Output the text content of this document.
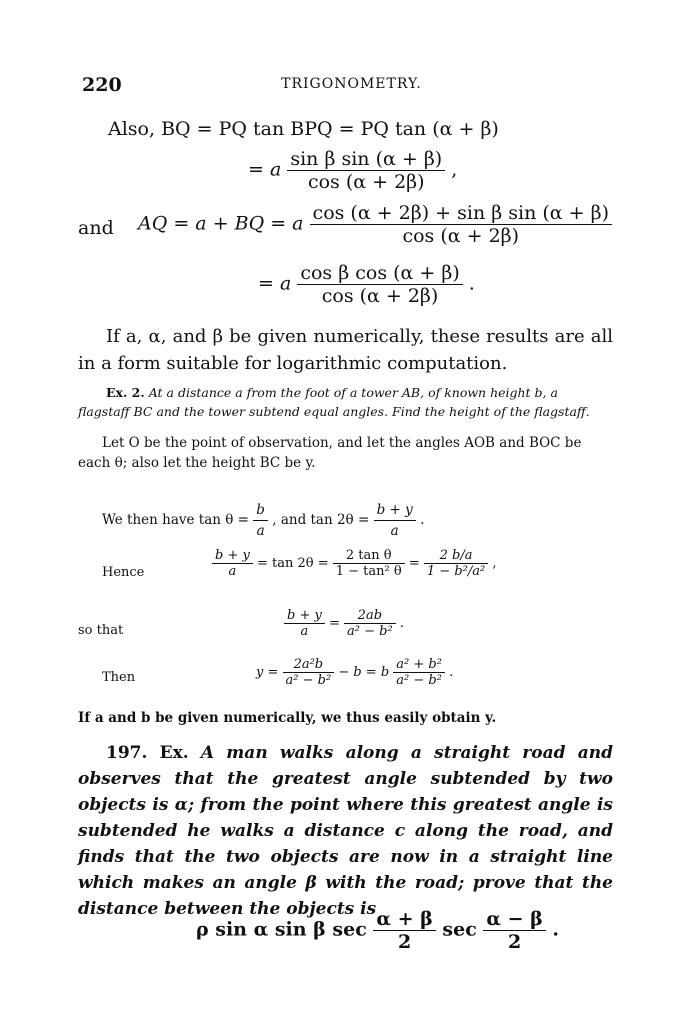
220	TRIGONOMETRY.
Also, BQ = PQ tan BPQ = PQ tan (α + β)
= a $\frac{\text{sin β sin (α + β)}}{\cos (\alpha + 2\beta)}$ ,
and AQ = a + BQ = a $\frac{\text{cos (α + 2β) + sin β sin (α + β)}}{\cos (\alpha + 2\beta)}$
= a $\frac{\text{cos β cos (α + β)}}{\cos (\alpha + 2\beta)}$ .
If a, α, and β be given numerically, these results are all in a form suitable for logarithmic computation.
Ex. 2. At a distance a from the foot of a tower AB, of known height b, a flagstaff BC and the tower subtend equal angles. Find the height of the flagstaff.
Let O be the point of observation, and let the angles AOB and BOC be each θ; also let the height BC be y.
We then have $\tan \theta = \frac{b}{a}$ , and $\tan 2\theta = \frac{b + y}{a}$ .
Hence	$\frac{b + y}{a} = \tan 2\theta = \frac{\text{2 tan θ}}{\text{1 − tan² θ}} = \frac{2 b/a}{\text{1 − b²/a²}}$ ,
so that	$\frac{b + y}{a} = \frac{2ab}{\text{a² − b²}}$ .
Then	$y = \frac{\text{2a²b}}{\text{a² − b²}} - b = b \frac{\text{a² + b²}}{\text{a² − b²}}$ .
If a and b be given numerically, we thus easily obtain y.
197. Ex. A man walks along a straight road and observes that the greatest angle subtended by two objects is α; from the point where this greatest angle is subtended he walks a distance c along the road, and finds that the two objects are now in a straight line which makes an angle β with the road; prove that the distance between the objects is
ρ sin α sin β $\sec \frac{\alpha + \beta}{2}$ $\sec \frac{\alpha - \beta}{2}$ .
